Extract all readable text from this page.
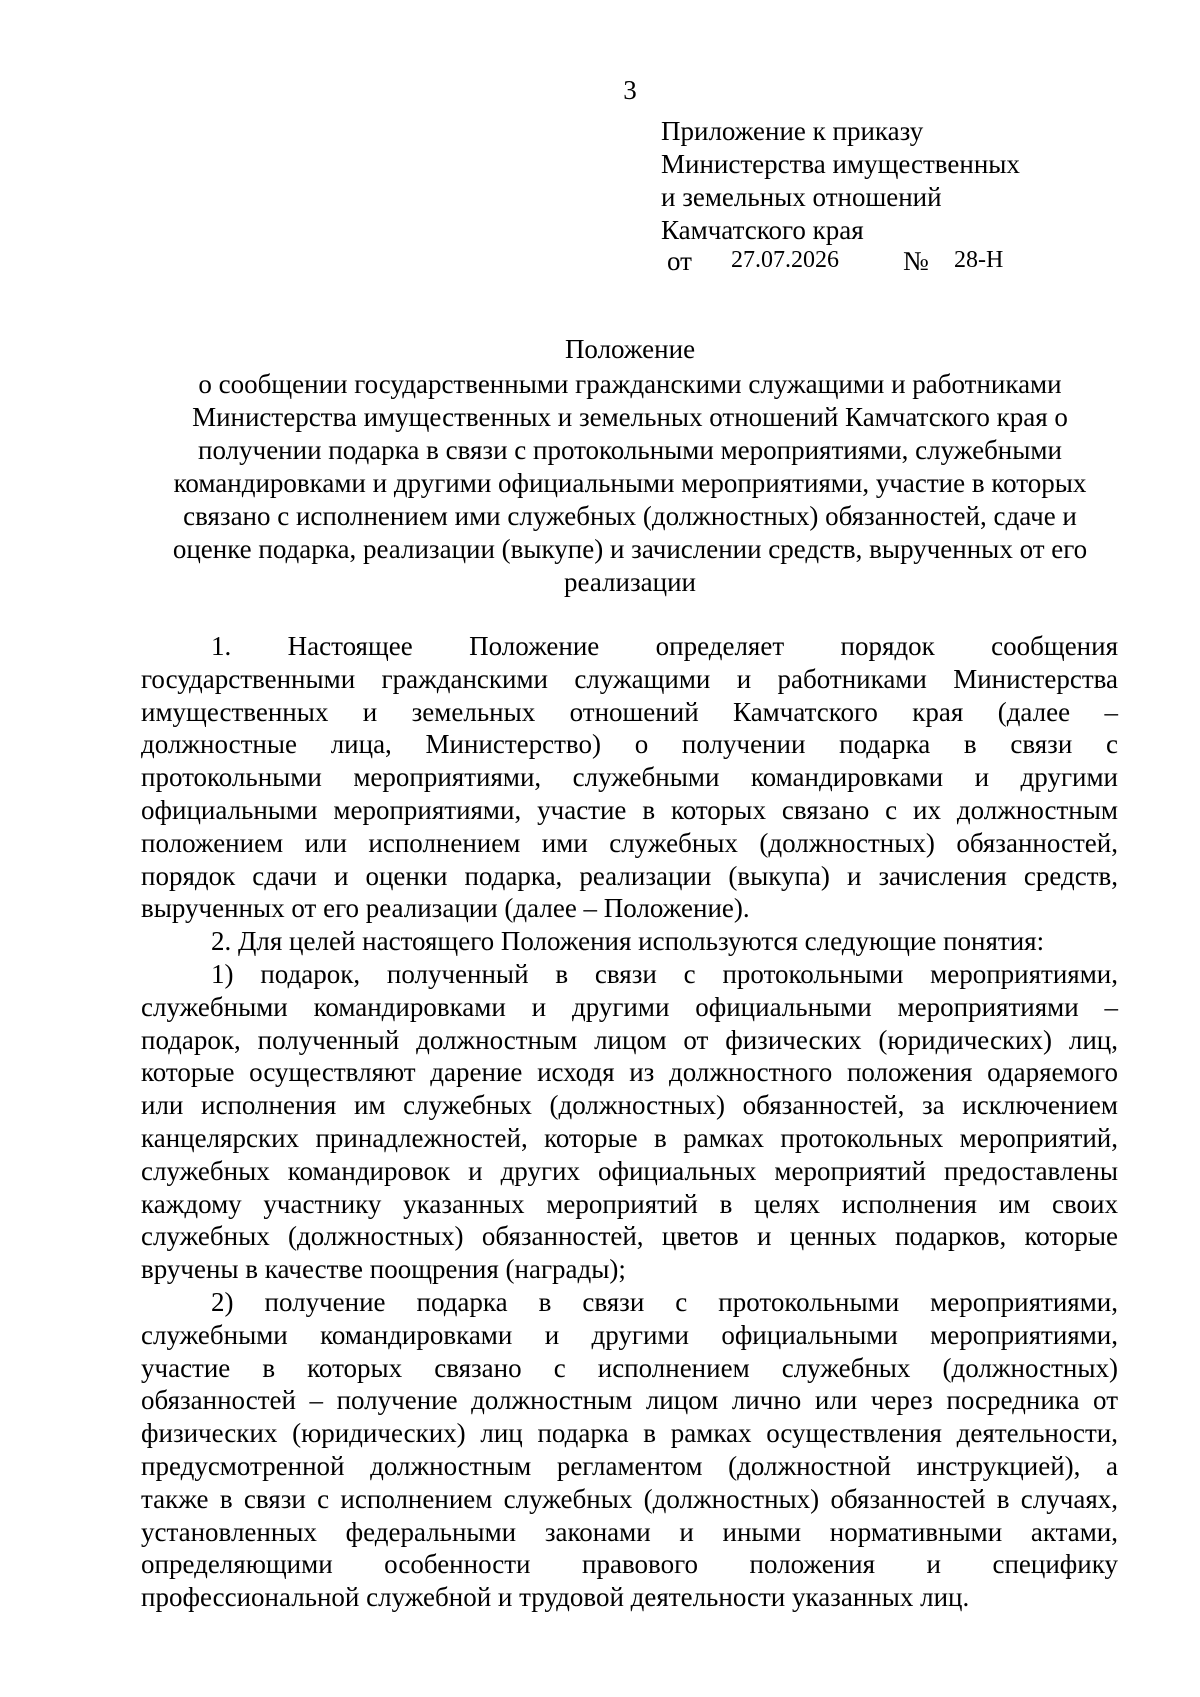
3
Приложение к приказу
Министерства имущественных
и земельных отношений
Камчатского края
от 27.07.2026 № 28-Н
Положение
о сообщении государственными гражданскими служащими и работниками
Министерства имущественных и земельных отношений Камчатского края о
получении подарка в связи с протокольными мероприятиями, служебными
командировками и другими официальными мероприятиями, участие в которых
связано с исполнением ими служебных (должностных) обязанностей, сдаче и
оценке подарка, реализации (выкупе) и зачислении средств, вырученных от его
реализации
1. Настоящее Положение определяет порядок сообщения
государственными гражданскими служащими и работниками Министерства
имущественных и земельных отношений Камчатского края (далее –
должностные лица, Министерство) о получении подарка в связи с
протокольными мероприятиями, служебными командировками и другими
официальными мероприятиями, участие в которых связано с их должностным
положением или исполнением ими служебных (должностных) обязанностей,
порядок сдачи и оценки подарка, реализации (выкупа) и зачисления средств,
вырученных от его реализации (далее – Положение).
2. Для целей настоящего Положения используются следующие понятия:
1) подарок, полученный в связи с протокольными мероприятиями,
служебными командировками и другими официальными мероприятиями –
подарок, полученный должностным лицом от физических (юридических) лиц,
которые осуществляют дарение исходя из должностного положения одаряемого
или исполнения им служебных (должностных) обязанностей, за исключением
канцелярских принадлежностей, которые в рамках протокольных мероприятий,
служебных командировок и других официальных мероприятий предоставлены
каждому участнику указанных мероприятий в целях исполнения им своих
служебных (должностных) обязанностей, цветов и ценных подарков, которые
вручены в качестве поощрения (награды);
2) получение подарка в связи с протокольными мероприятиями,
служебными командировками и другими официальными мероприятиями,
участие в которых связано с исполнением служебных (должностных)
обязанностей – получение должностным лицом лично или через посредника от
физических (юридических) лиц подарка в рамках осуществления деятельности,
предусмотренной должностным регламентом (должностной инструкцией), а
также в связи с исполнением служебных (должностных) обязанностей в случаях,
установленных федеральными законами и иными нормативными актами,
определяющими особенности правового положения и специфику
профессиональной служебной и трудовой деятельности указанных лиц.
